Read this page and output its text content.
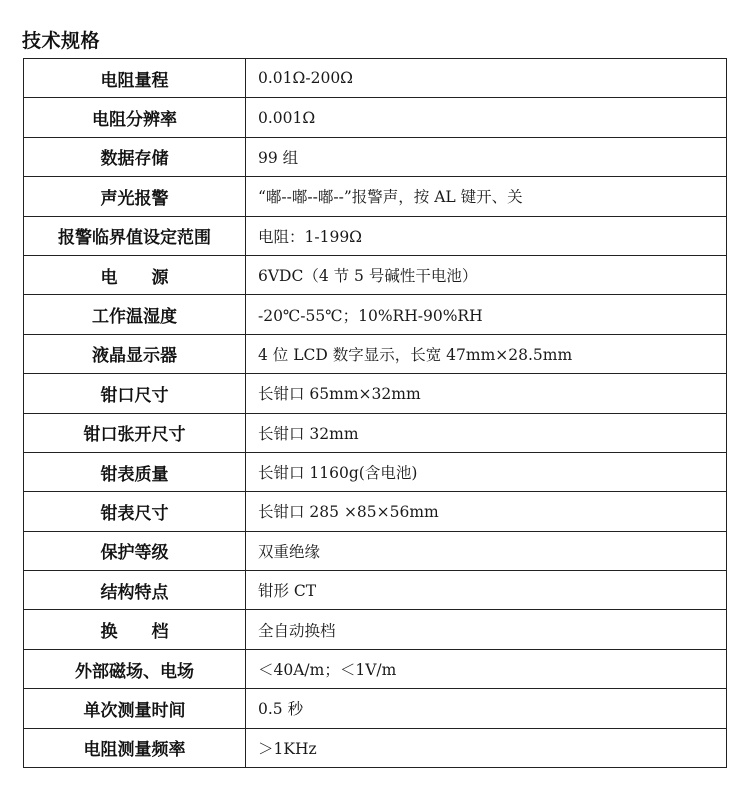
技术规格
电阻量程	0.01Ω-200Ω
电阻分辨率	0.001Ω
数据存储	99 组
声光报警	“嘟--嘟--嘟--”报警声，按 AL 键开、关
报警临界值设定范围	电阻：1-199Ω
电　　源	6VDC（4 节 5 号碱性干电池）
工作温湿度	-20℃-55℃；10%RH-90%RH
液晶显示器	4 位 LCD 数字显示，长宽 47mm×28.5mm
钳口尺寸	长钳口 65mm×32mm
钳口张开尺寸	长钳口 32mm
钳表质量	长钳口 1160g(含电池)
钳表尺寸	长钳口 285 ×85×56mm
保护等级	双重绝缘
结构特点	钳形 CT
换　　档	全自动换档
外部磁场、电场	＜40A/m；＜1V/m
单次测量时间	0.5 秒
电阻测量频率	＞1KHz
